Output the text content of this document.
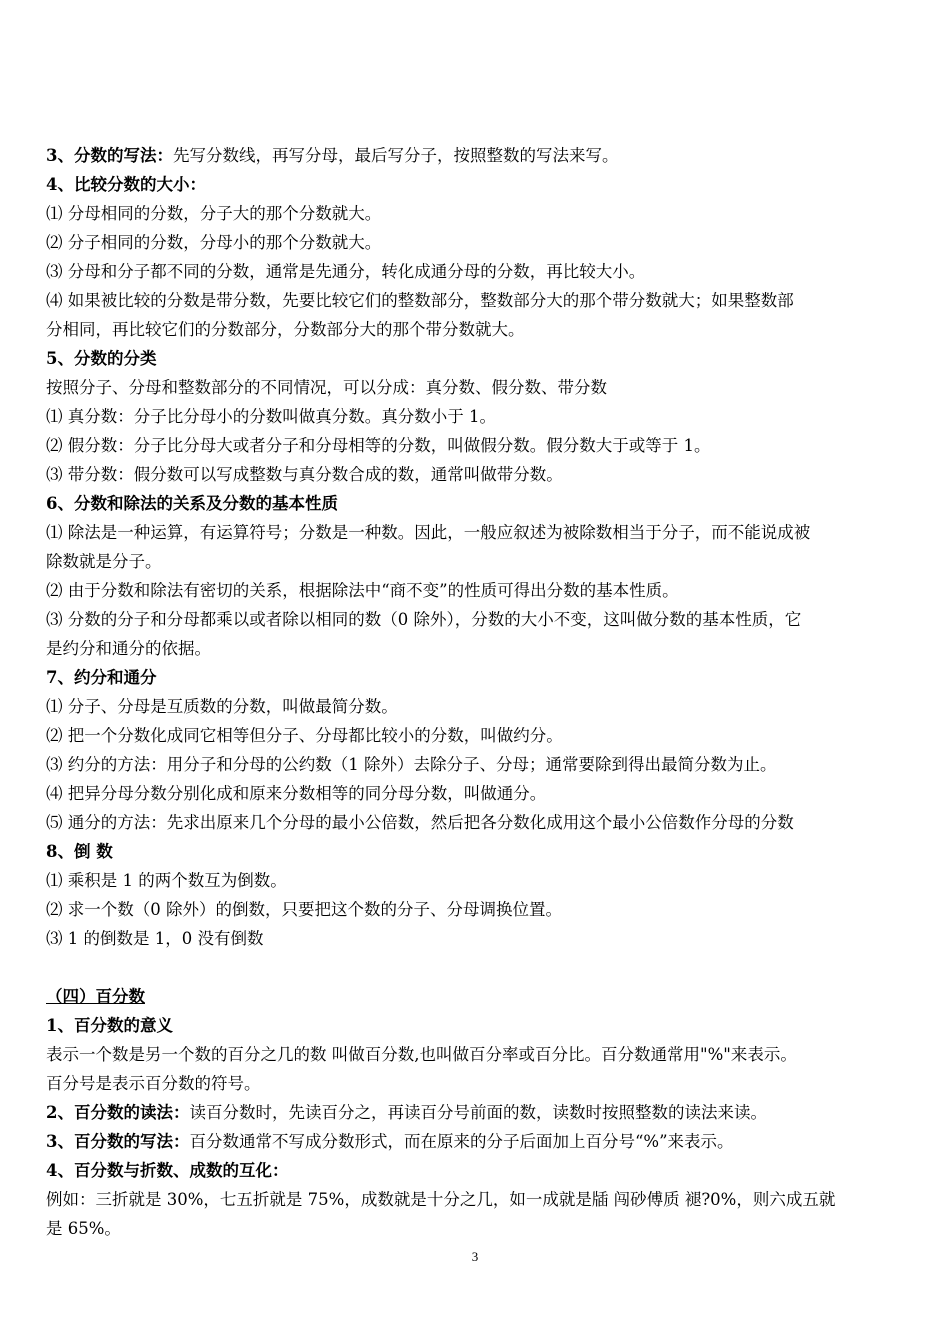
3、分数的写法：先写分数线，再写分母，最后写分子，按照整数的写法来写。
4、比较分数的大小：
⑴ 分母相同的分数，分子大的那个分数就大。
⑵ 分子相同的分数，分母小的那个分数就大。
⑶ 分母和分子都不同的分数，通常是先通分，转化成通分母的分数，再比较大小。
⑷ 如果被比较的分数是带分数，先要比较它们的整数部分，整数部分大的那个带分数就大；如果整数部
分相同，再比较它们的分数部分，分数部分大的那个带分数就大。
5、分数的分类
按照分子、分母和整数部分的不同情况，可以分成：真分数、假分数、带分数
⑴ 真分数：分子比分母小的分数叫做真分数。真分数小于 1。
⑵ 假分数：分子比分母大或者分子和分母相等的分数，叫做假分数。假分数大于或等于 1。
⑶ 带分数：假分数可以写成整数与真分数合成的数，通常叫做带分数。
6、分数和除法的关系及分数的基本性质
⑴ 除法是一种运算，有运算符号；分数是一种数。因此，一般应叙述为被除数相当于分子，而不能说成被
除数就是分子。
⑵ 由于分数和除法有密切的关系，根据除法中“商不变”的性质可得出分数的基本性质。
⑶ 分数的分子和分母都乘以或者除以相同的数（0 除外），分数的大小不变，这叫做分数的基本性质，它
是约分和通分的依据。
7、约分和通分
⑴ 分子、分母是互质数的分数，叫做最简分数。
⑵ 把一个分数化成同它相等但分子、分母都比较小的分数，叫做约分。
⑶ 约分的方法：用分子和分母的公约数（1 除外）去除分子、分母；通常要除到得出最简分数为止。
⑷ 把异分母分数分别化成和原来分数相等的同分母分数，叫做通分。
⑸ 通分的方法：先求出原来几个分母的最小公倍数，然后把各分数化成用这个最小公倍数作分母的分数
8、倒 数
⑴ 乘积是 1 的两个数互为倒数。
⑵ 求一个数（0 除外）的倒数，只要把这个数的分子、分母调换位置。
⑶ 1 的倒数是 1，0 没有倒数
（四）百分数
1、百分数的意义
表示一个数是另一个数的百分之几的数 叫做百分数,也叫做百分率或百分比。百分数通常用"%"来表示。
百分号是表示百分数的符号。
2、百分数的读法：读百分数时，先读百分之，再读百分号前面的数，读数时按照整数的读法来读。
3、百分数的写法：百分数通常不写成分数形式，而在原来的分子后面加上百分号“%”来表示。
4、百分数与折数、成数的互化：
例如：三折就是 30%，七五折就是 75%，成数就是十分之几，如一成就是牐 闯砂傅质 褪?0%，则六成五就
是 65%。
3
